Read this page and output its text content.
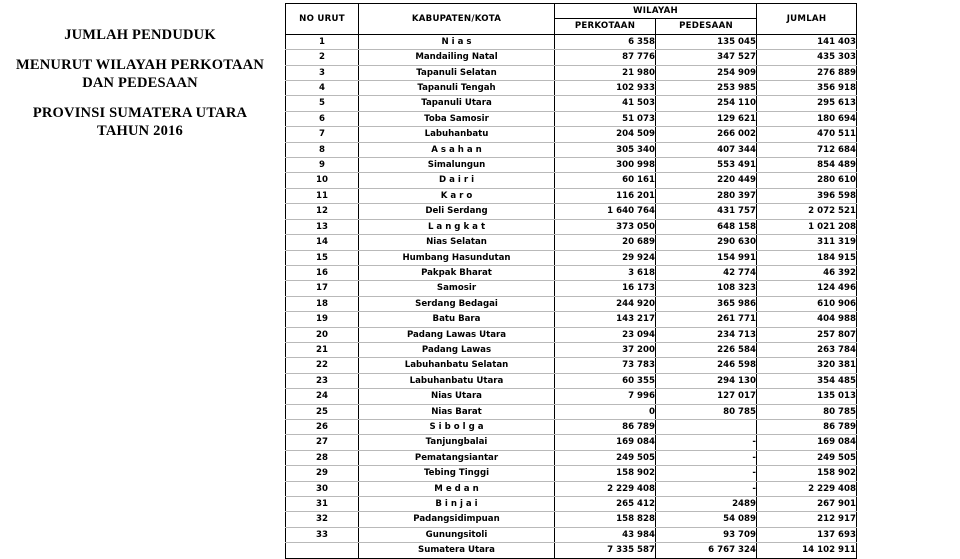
JUMLAH PENDUDUK

MENURUT WILAYAH PERKOTAAN DAN PEDESAAN

PROVINSI SUMATERA UTARA TAHUN 2016

NO URUT	KABUPATEN/KOTA	WILAYAH		JUMLAH
		PERKOTAAN	PEDESAAN	
1	N i a s	6 358	135 045	141 403
2	Mandailing Natal	87 776	347 527	435 303
3	Tapanuli Selatan	21 980	254 909	276 889
4	Tapanuli Tengah	102 933	253 985	356 918
5	Tapanuli Utara	41 503	254 110	295 613
6	Toba Samosir	51 073	129 621	180 694
7	Labuhanbatu	204 509	266 002	470 511
8	A s a h a n	305 340	407 344	712 684
9	Simalungun	300 998	553 491	854 489
10	D a i r i	60 161	220 449	280 610
11	K a r o	116 201	280 397	396 598
12	Deli Serdang	1 640 764	431 757	2 072 521
13	L a n g k a t	373 050	648 158	1 021 208
14	Nias Selatan	20 689	290 630	311 319
15	Humbang Hasundutan	29 924	154 991	184 915
16	Pakpak Bharat	3 618	42 774	46 392
17	Samosir	16 173	108 323	124 496
18	Serdang Bedagai	244 920	365 986	610 906
19	Batu Bara	143 217	261 771	404 988
20	Padang Lawas Utara	23 094	234 713	257 807
21	Padang Lawas	37 200	226 584	263 784
22	Labuhanbatu Selatan	73 783	246 598	320 381
23	Labuhanbatu Utara	60 355	294 130	354 485
24	Nias Utara	7 996	127 017	135 013
25	Nias Barat	0	80 785	80 785
26	S i b o l g a	86 789		86 789
27	Tanjungbalai	169 084	-	169 084
28	Pematangsiantar	249 505	-	249 505
29	Tebing Tinggi	158 902	-	158 902
30	M e d a n	2 229 408	-	2 229 408
31	B i n j a i	265 412	2489	267 901
32	Padangsidimpuan	158 828	54 089	212 917
33	Gunungsitoli	43 984	93 709	137 693
	Sumatera Utara	7 335 587	6 767 324	14 102 911
